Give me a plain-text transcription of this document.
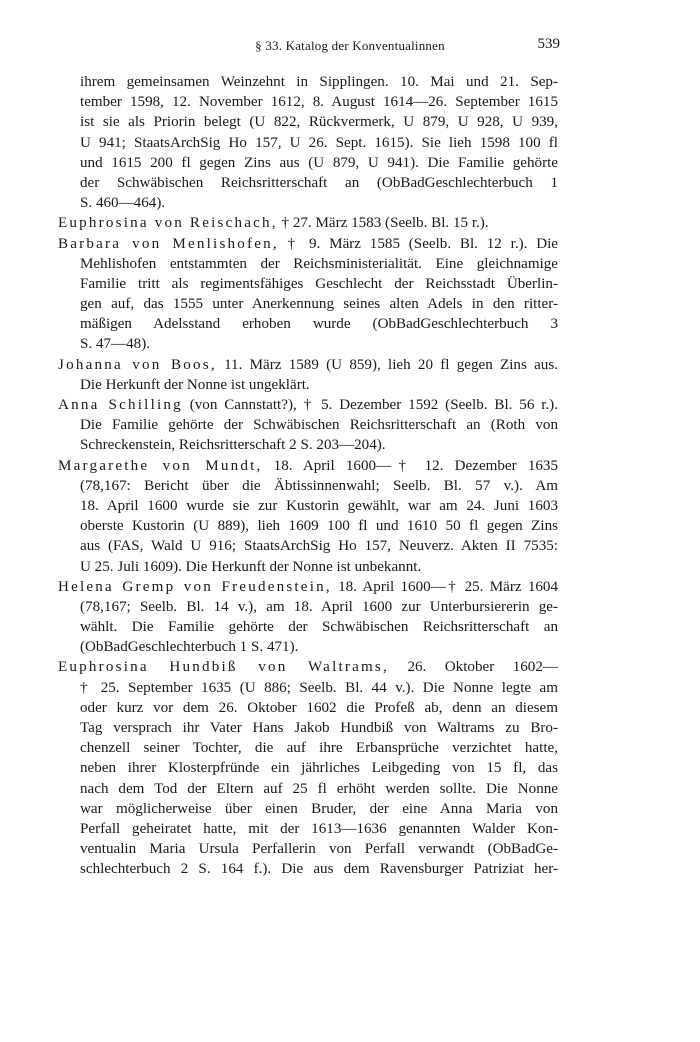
§ 33. Katalog der Konventualinnen	539
ihrem gemeinsamen Weinzehnt in Sipplingen. 10. Mai und 21. Sep-
tember 1598, 12. November 1612, 8. August 1614—26. September 1615
ist sie als Priorin belegt (U 822, Rückvermerk, U 879, U 928, U 939,
U 941; StaatsArchSig Ho 157, U 26. Sept. 1615). Sie lieh 1598 100 fl
und 1615 200 fl gegen Zins aus (U 879, U 941). Die Familie gehörte
der Schwäbischen Reichsritterschaft an (ObBadGeschlechterbuch 1
S. 460—464).
Euphrosina von Reischach, † 27. März 1583 (Seelb. Bl. 15 r.).
Barbara von Menlishofen, † 9. März 1585 (Seelb. Bl. 12 r.). Die
Mehlishofen entstammten der Reichsministerialität. Eine gleichnamige
Familie tritt als regimentsfähiges Geschlecht der Reichsstadt Überlin-
gen auf, das 1555 unter Anerkennung seines alten Adels in den ritter-
mäßigen Adelsstand erhoben wurde (ObBadGeschlechterbuch 3
S. 47—48).
Johanna von Boos, 11. März 1589 (U 859), lieh 20 fl gegen Zins aus.
Die Herkunft der Nonne ist ungeklärt.
Anna Schilling (von Cannstatt?), † 5. Dezember 1592 (Seelb. Bl. 56 r.).
Die Familie gehörte der Schwäbischen Reichsritterschaft an (Roth von
Schreckenstein, Reichsritterschaft 2 S. 203—204).
Margarethe von Mundt, 18. April 1600—† 12. Dezember 1635
(78,167: Bericht über die Äbtissinnenwahl; Seelb. Bl. 57 v.). Am
18. April 1600 wurde sie zur Kustorin gewählt, war am 24. Juni 1603
oberste Kustorin (U 889), lieh 1609 100 fl und 1610 50 fl gegen Zins
aus (FAS, Wald U 916; StaatsArchSig Ho 157, Neuverz. Akten II 7535:
U 25. Juli 1609). Die Herkunft der Nonne ist unbekannt.
Helena Gremp von Freudenstein, 18. April 1600—† 25. März 1604
(78,167; Seelb. Bl. 14 v.), am 18. April 1600 zur Unterbursiererin ge-
wählt. Die Familie gehörte der Schwäbischen Reichsritterschaft an
(ObBadGeschlechterbuch 1 S. 471).
Euphrosina Hundbiß von Waltrams, 26. Oktober 1602—
† 25. September 1635 (U 886; Seelb. Bl. 44 v.). Die Nonne legte am
oder kurz vor dem 26. Oktober 1602 die Profeß ab, denn an diesem
Tag versprach ihr Vater Hans Jakob Hundbiß von Waltrams zu Bro-
chenzell seiner Tochter, die auf ihre Erbansprüche verzichtet hatte,
neben ihrer Klosterpfründe ein jährliches Leibgeding von 15 fl, das
nach dem Tod der Eltern auf 25 fl erhöht werden sollte. Die Nonne
war möglicherweise über einen Bruder, der eine Anna Maria von
Perfall geheiratet hatte, mit der 1613—1636 genannten Walder Kon-
ventualin Maria Ursula Perfallerin von Perfall verwandt (ObBadGe-
schlechterbuch 2 S. 164 f.). Die aus dem Ravensburger Patriziat her-
